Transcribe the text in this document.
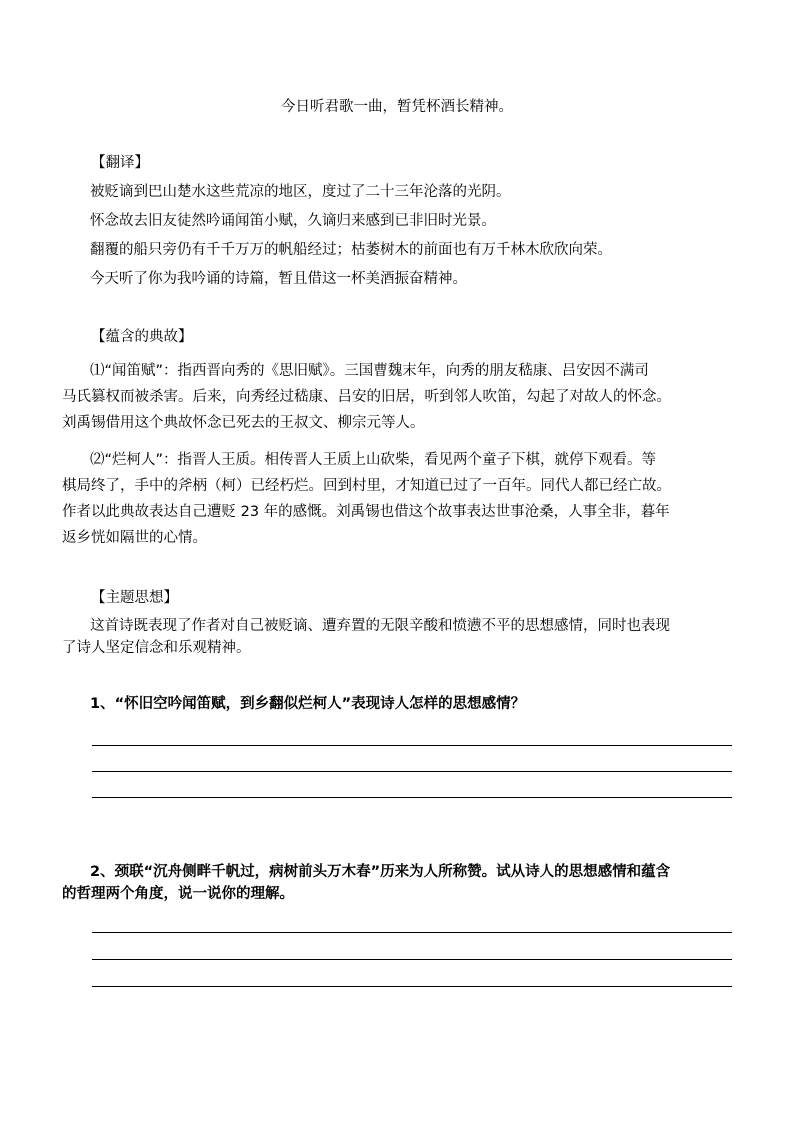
今日听君歌一曲，暂凭杯酒长精神。
【翻译】
被贬谪到巴山楚水这些荒凉的地区，度过了二十三年沦落的光阴。
怀念故去旧友徒然吟诵闻笛小赋，久谪归来感到已非旧时光景。
翻覆的船只旁仍有千千万万的帆船经过；枯萎树木的前面也有万千林木欣欣向荣。
今天听了你为我吟诵的诗篇，暂且借这一杯美酒振奋精神。
【蕴含的典故】
⑴“闻笛赋”：指西晋向秀的《思旧赋》。三国曹魏末年，向秀的朋友嵇康、吕安因不满司
马氏篡权而被杀害。后来，向秀经过嵇康、吕安的旧居，听到邻人吹笛，勾起了对故人的怀念。
刘禹锡借用这个典故怀念已死去的王叔文、柳宗元等人。
⑵“烂柯人”：指晋人王质。相传晋人王质上山砍柴，看见两个童子下棋，就停下观看。等
棋局终了，手中的斧柄（柯）已经朽烂。回到村里，才知道已过了一百年。同代人都已经亡故。
作者以此典故表达自己遭贬 23 年的感慨。刘禹锡也借这个故事表达世事沧桑，人事全非，暮年
返乡恍如隔世的心情。
【主题思想】
这首诗既表现了作者对自己被贬谪、遭弃置的无限辛酸和愤懑不平的思想感情，同时也表现
了诗人坚定信念和乐观精神。
1、“怀旧空吟闻笛赋，到乡翻似烂柯人”表现诗人怎样的思想感情？
2、颈联“沉舟侧畔千帆过，病树前头万木春”历来为人所称赞。试从诗人的思想感情和蕴含
的哲理两个角度，说一说你的理解。
